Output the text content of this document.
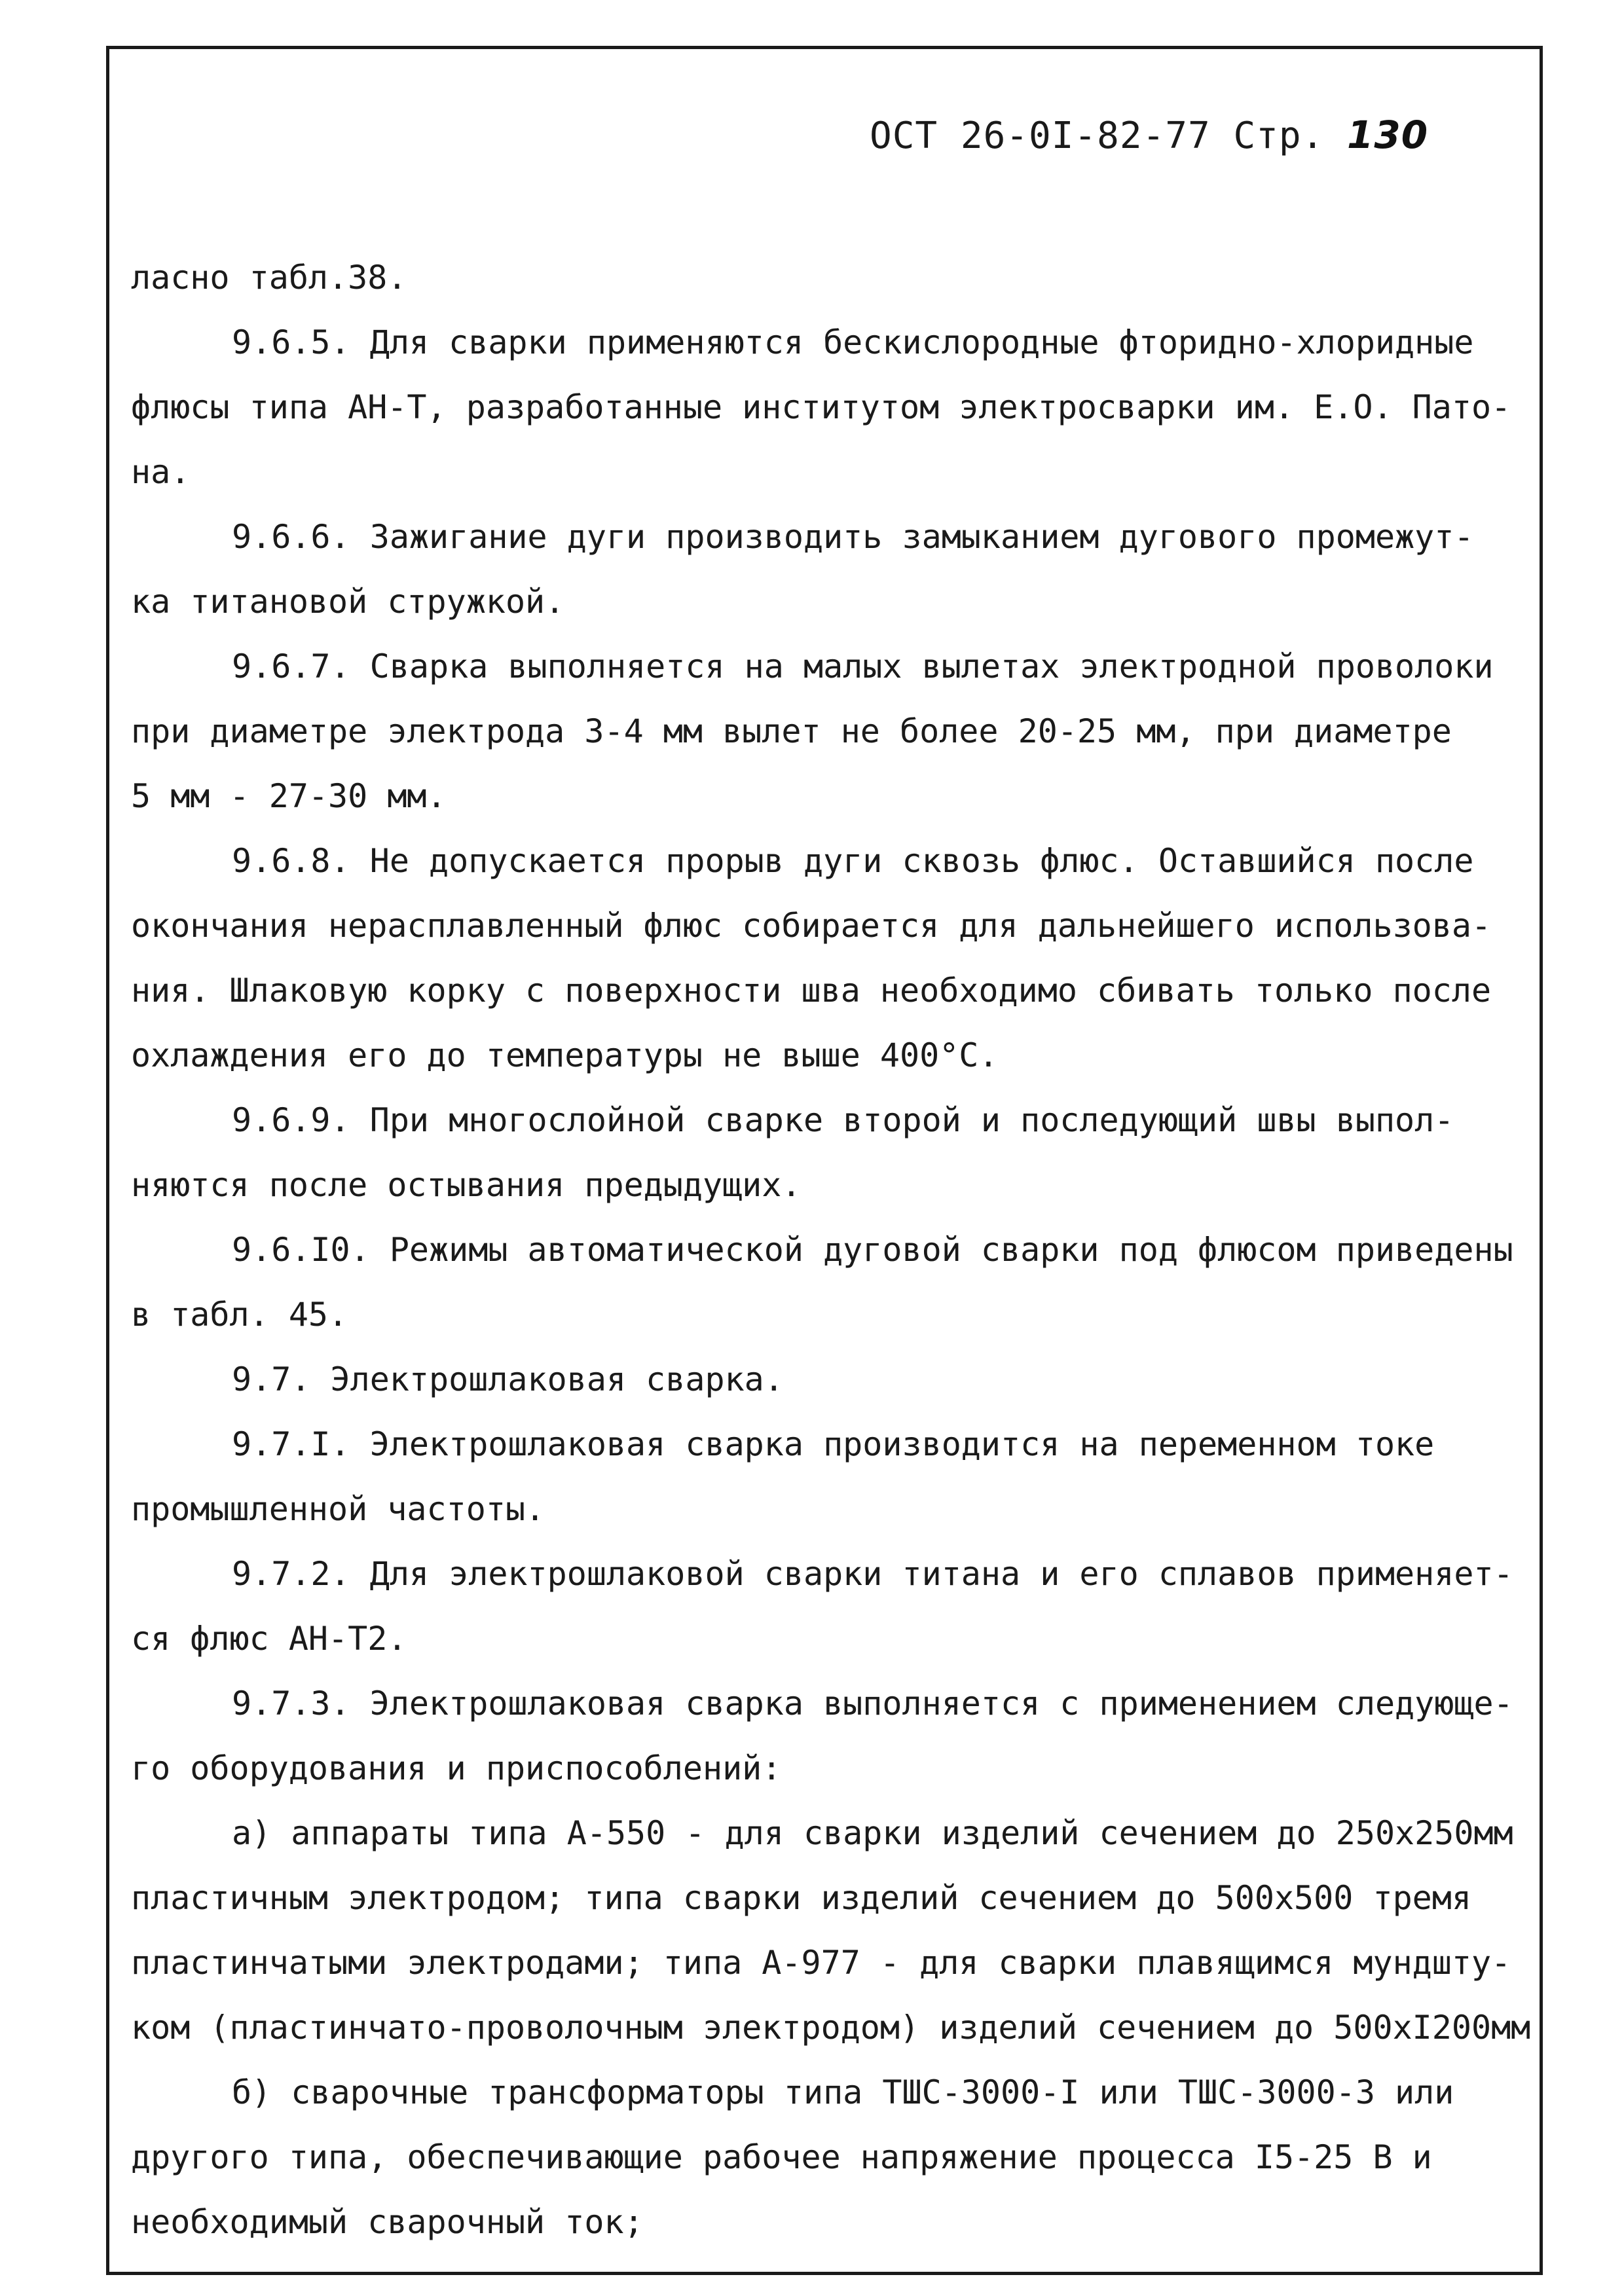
ОСТ 26-0I-82-77 Стр. 130
ласно табл.38.
9.6.5. Для сварки применяются бескислородные фторидно-хлоридные
флюсы типа АН-Т, разработанные институтом электросварки им. Е.О. Пато-
на.
9.6.6. Зажигание дуги производить замыканием дугового промежут-
ка титановой стружкой.
9.6.7. Сварка выполняется на малых вылетах электродной проволоки
при диаметре электрода 3-4 мм вылет не более 20-25 мм, при диаметре
5 мм - 27-30 мм.
9.6.8. Не допускается прорыв дуги сквозь флюс. Оставшийся после
окончания нерасплавленный флюс собирается для дальнейшего использова-
ния. Шлаковую корку с поверхности шва необходимо сбивать только после
охлаждения его до температуры не выше 400°С.
9.6.9. При многослойной сварке второй и последующий швы выпол-
няются после остывания предыдущих.
9.6.I0. Режимы автоматической дуговой сварки под флюсом приведены
в табл. 45.
9.7. Электрошлаковая сварка.
9.7.I. Электрошлаковая сварка производится на переменном токе
промышленной частоты.
9.7.2. Для электрошлаковой сварки титана и его сплавов применяет-
ся флюс АН-Т2.
9.7.3. Электрошлаковая сварка выполняется с применением следующе-
го оборудования и приспособлений:
а) аппараты типа А-550 - для сварки изделий сечением до 250х250мм
пластичным электродом; типа сварки изделий сечением до 500х500 тремя
пластинчатыми электродами; типа А-977 - для сварки плавящимся мундшту-
ком (пластинчато-проволочным электродом) изделий сечением до 500хI200мм
б) сварочные трансформаторы типа ТШС-3000-I или ТШС-3000-3 или
другого типа, обеспечивающие рабочее напряжение процесса I5-25 В и
необходимый сварочный ток;
